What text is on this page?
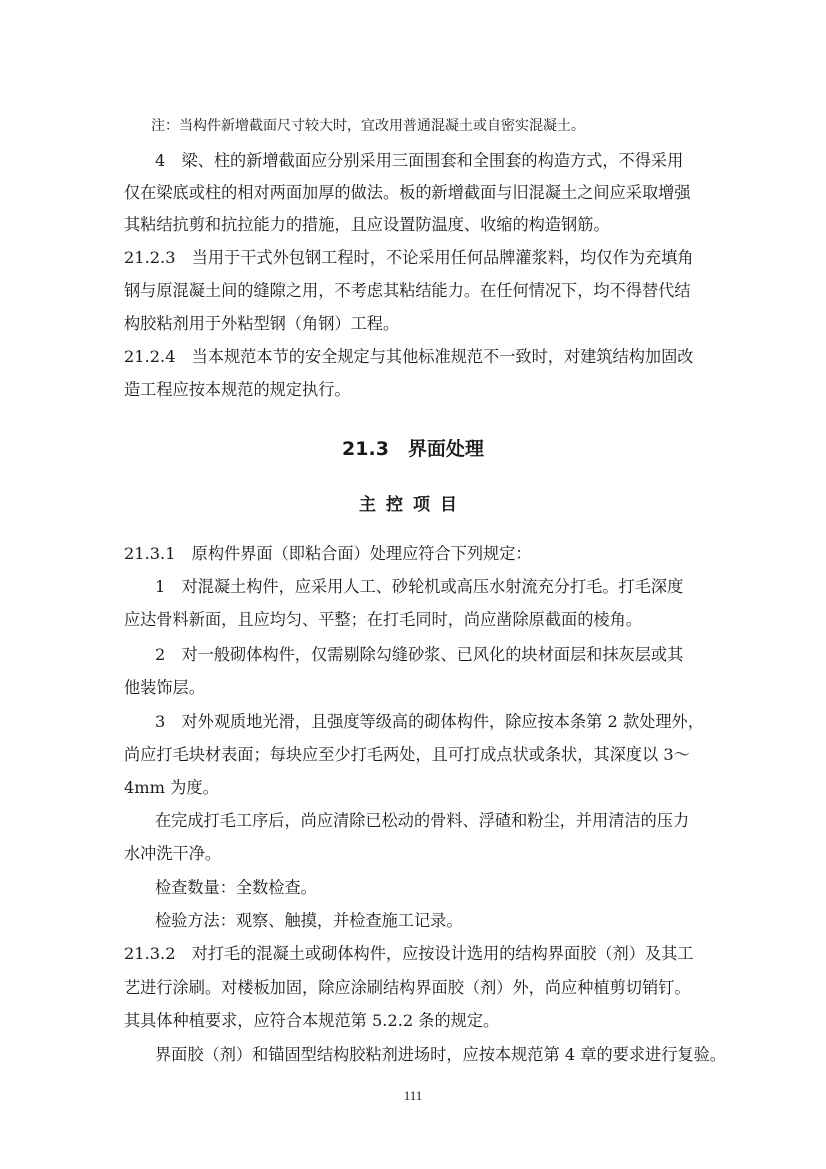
注：当构件新增截面尺寸较大时，宜改用普通混凝土或自密实混凝土。
4　梁、柱的新增截面应分别采用三面围套和全围套的构造方式，不得采用
仅在梁底或柱的相对两面加厚的做法。板的新增截面与旧混凝土之间应采取增强
其粘结抗剪和抗拉能力的措施，且应设置防温度、收缩的构造钢筋。
21.2.3　当用于干式外包钢工程时，不论采用任何品牌灌浆料，均仅作为充填角
钢与原混凝土间的缝隙之用，不考虑其粘结能力。在任何情况下，均不得替代结
构胶粘剂用于外粘型钢（角钢）工程。
21.2.4　当本规范本节的安全规定与其他标准规范不一致时，对建筑结构加固改
造工程应按本规范的规定执行。
21.3　界面处理
主控项目
21.3.1　原构件界面（即粘合面）处理应符合下列规定：
1　对混凝土构件，应采用人工、砂轮机或高压水射流充分打毛。打毛深度
应达骨料新面，且应均匀、平整；在打毛同时，尚应凿除原截面的棱角。
2　对一般砌体构件，仅需剔除勾缝砂浆、已风化的块材面层和抹灰层或其
他装饰层。
3　对外观质地光滑，且强度等级高的砌体构件，除应按本条第 2 款处理外，
尚应打毛块材表面；每块应至少打毛两处，且可打成点状或条状，其深度以 3～
4mm 为度。
在完成打毛工序后，尚应清除已松动的骨料、浮碴和粉尘，并用清洁的压力
水冲洗干净。
检查数量：全数检查。
检验方法：观察、触摸，并检查施工记录。
21.3.2　对打毛的混凝土或砌体构件，应按设计选用的结构界面胶（剂）及其工
艺进行涂刷。对楼板加固，除应涂刷结构界面胶（剂）外，尚应种植剪切销钉。
其具体种植要求，应符合本规范第 5.2.2 条的规定。
界面胶（剂）和锚固型结构胶粘剂进场时，应按本规范第 4 章的要求进行复验。
111
